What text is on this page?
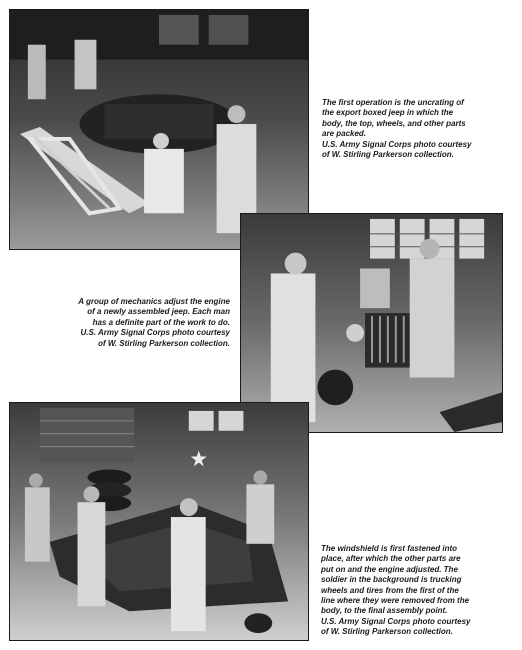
The first operation is the uncrating of
the export boxed jeep in which the
body, the top, wheels, and other parts
are packed.
U.S. Army Signal Corps photo courtesy
of W. Stirling Parkerson collection.

A group of mechanics adjust the engine
of a newly assembled jeep. Each man
has a definite part of the work to do.
U.S. Army Signal Corps photo courtesy
of W. Stirling Parkerson collection.

The windshield is first fastened into
place, after which the other parts are
put on and the engine adjusted. The
soldier in the background is trucking
wheels and tires from the first of the
line where they were removed from the
body, to the final assembly point.
U.S. Army Signal Corps photo courtesy
of W. Stirling Parkerson collection.
